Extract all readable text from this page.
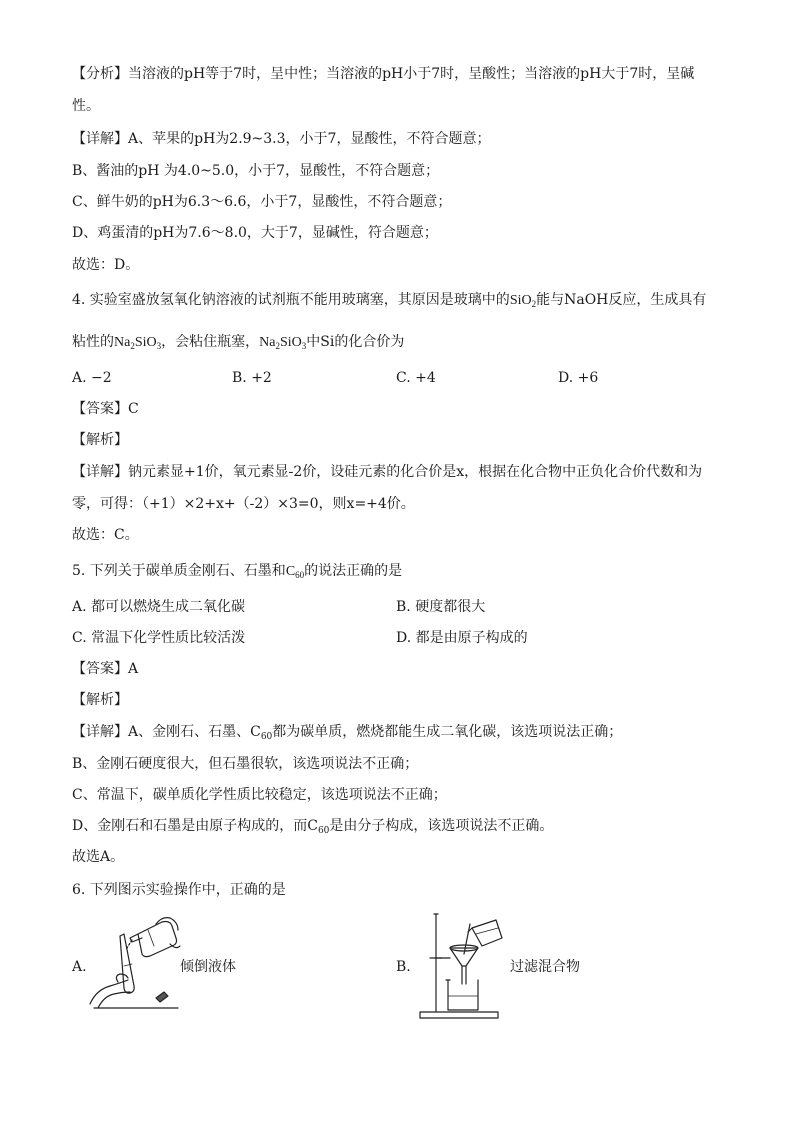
【分析】当溶液的pH等于7时，呈中性；当溶液的pH小于7时，呈酸性；当溶液的pH大于7时，呈碱
性。
【详解】A、苹果的pH为2.9~3.3，小于7，显酸性，不符合题意；
B、酱油的pH 为4.0~5.0，小于7，显酸性，不符合题意；
C、鲜牛奶的pH为6.3～6.6，小于7，显酸性，不符合题意；
D、鸡蛋清的pH为7.6～8.0，大于7，显碱性，符合题意；
故选：D。
4. 实验室盛放氢氧化钠溶液的试剂瓶不能用玻璃塞，其原因是玻璃中的SiO$_2$能与NaOH反应，生成具有
粘性的$Na_2SiO_3$，会粘住瓶塞，$Na_2SiO_3$中Si的化合价为
A. −2	B. +2	C. +4	D. +6
【答案】C
【解析】
【详解】钠元素显+1价，氧元素显-2价，设硅元素的化合价是x，根据在化合物中正负化合价代数和为
零，可得：（+1）×2+x+（-2）×3=0，则x=+4价。
故选：C。
5. 下列关于碳单质金刚石、石墨和$C_{60}$的说法正确的是
A. 都可以燃烧生成二氧化碳	B. 硬度都很大
C. 常温下化学性质比较活泼	D. 都是由原子构成的
【答案】A
【解析】
【详解】A、金刚石、石墨、$C_{60}$都为碳单质，燃烧都能生成二氧化碳，该选项说法正确；
B、金刚石硬度很大，但石墨很软，该选项说法不正确；
C、常温下，碳单质化学性质比较稳定，该选项说法不正确；
D、金刚石和石墨是由原子构成的，而$C_{60}$是由分子构成，该选项说法不正确。
故选A。
6. 下列图示实验操作中，正确的是
A.	倾倒液体	B.	过滤混合物
